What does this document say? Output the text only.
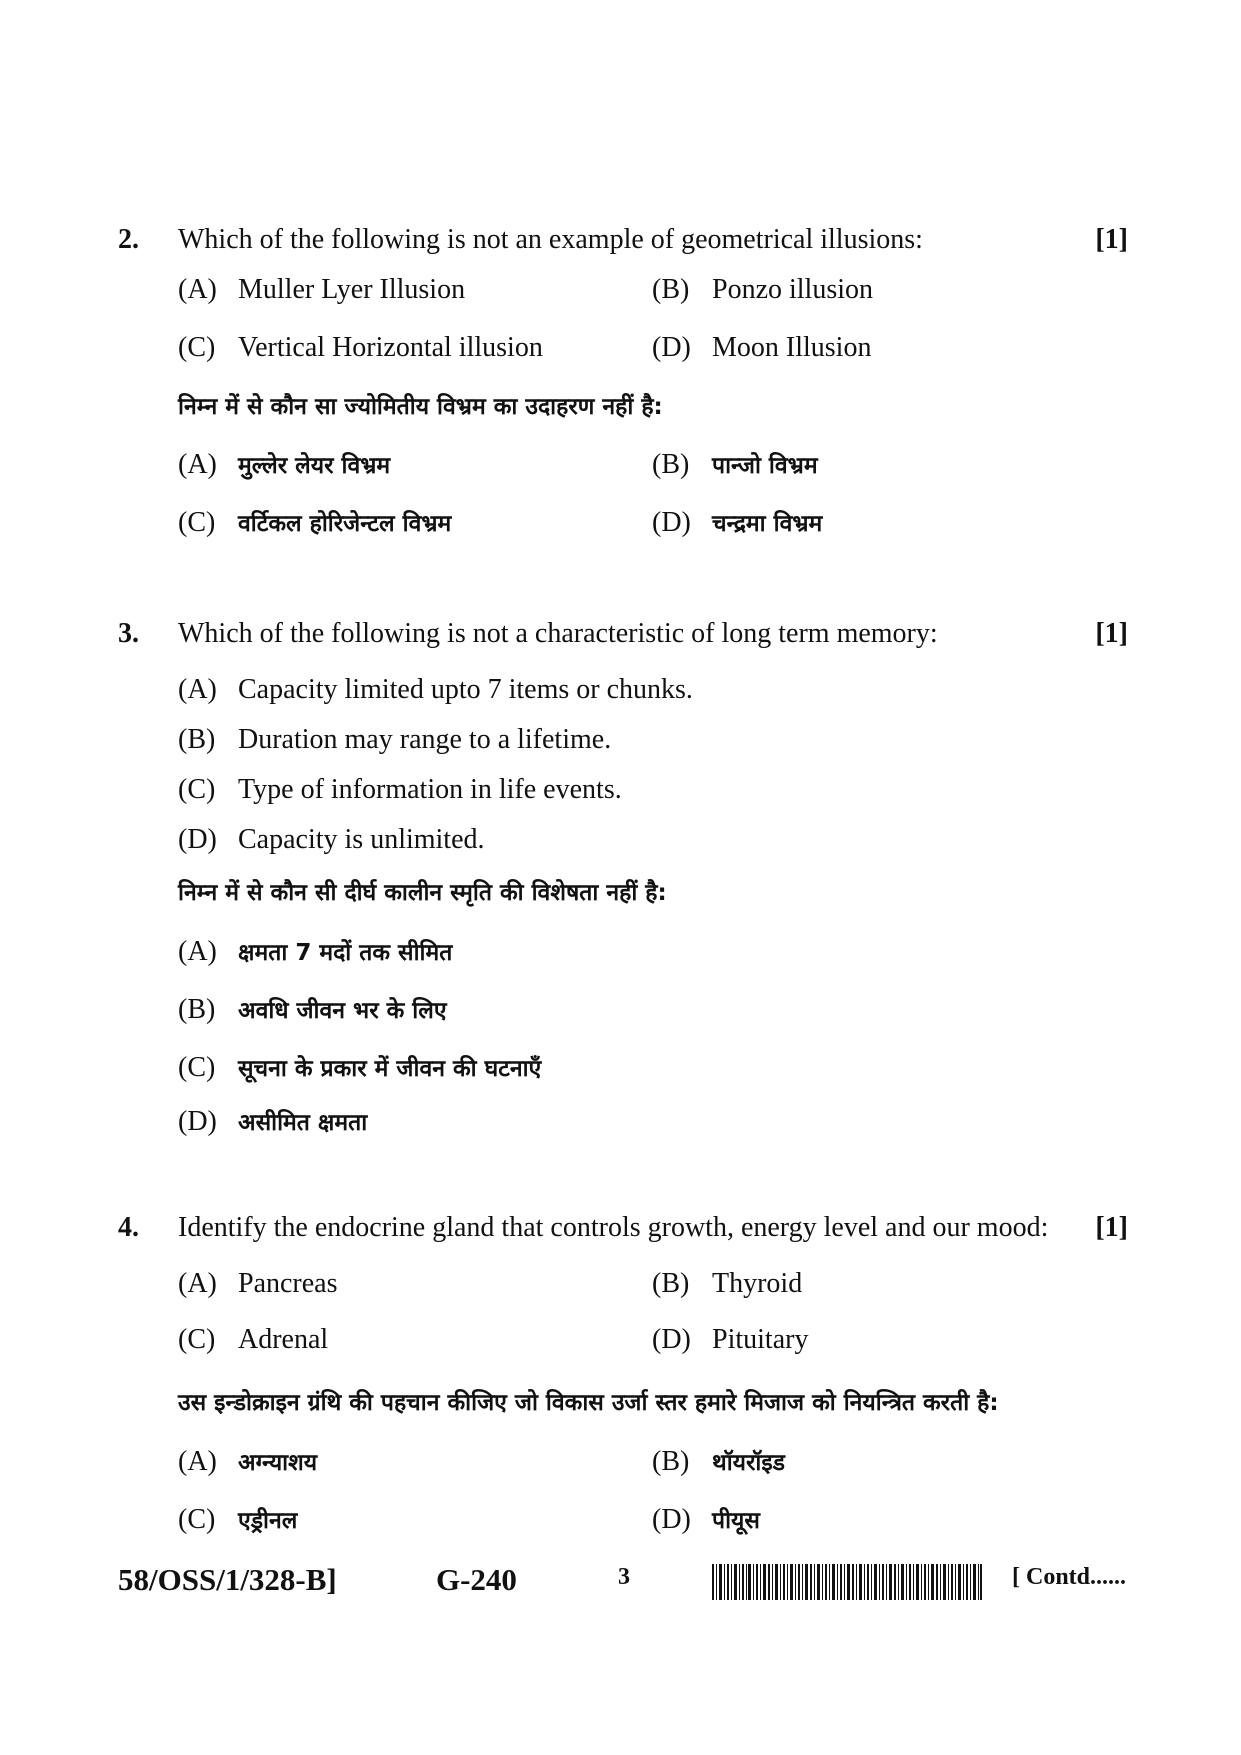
2. Which of the following is not an example of geometrical illusions:	[1]
(A) Muller Lyer Illusion	(B) Ponzo illusion
(C) Vertical Horizontal illusion	(D) Moon Illusion
निम्न में से कौन सा ज्योमितीय विभ्रम का उदाहरण नहीं है:
(A) मुल्लेर लेयर विभ्रम	(B) पान्जो विभ्रम
(C) वर्टिकल होरिजेन्टल विभ्रम	(D) चन्द्रमा विभ्रम
3. Which of the following is not a characteristic of long term memory:	[1]
(A) Capacity limited upto 7 items or chunks.
(B) Duration may range to a lifetime.
(C) Type of information in life events.
(D) Capacity is unlimited.
निम्न में से कौन सी दीर्घ कालीन स्मृति की विशेषता नहीं है:
(A) क्षमता 7 मदों तक सीमित
(B) अवधि जीवन भर के लिए
(C) सूचना के प्रकार में जीवन की घटनाएँ
(D) असीमित क्षमता
4. Identify the endocrine gland that controls growth, energy level and our mood: [1]
(A) Pancreas	(B) Thyroid
(C) Adrenal	(D) Pituitary
उस इन्डोक्राइन ग्रंथि की पहचान कीजिए जो विकास उर्जा स्तर हमारे मिजाज को नियन्त्रित करती है:
(A) अग्न्याशय	(B) थॉयरॉइड
(C) एड्रीनल	(D) पीयूस
58/OSS/1/328-B]	G-240	3	[ Contd......
